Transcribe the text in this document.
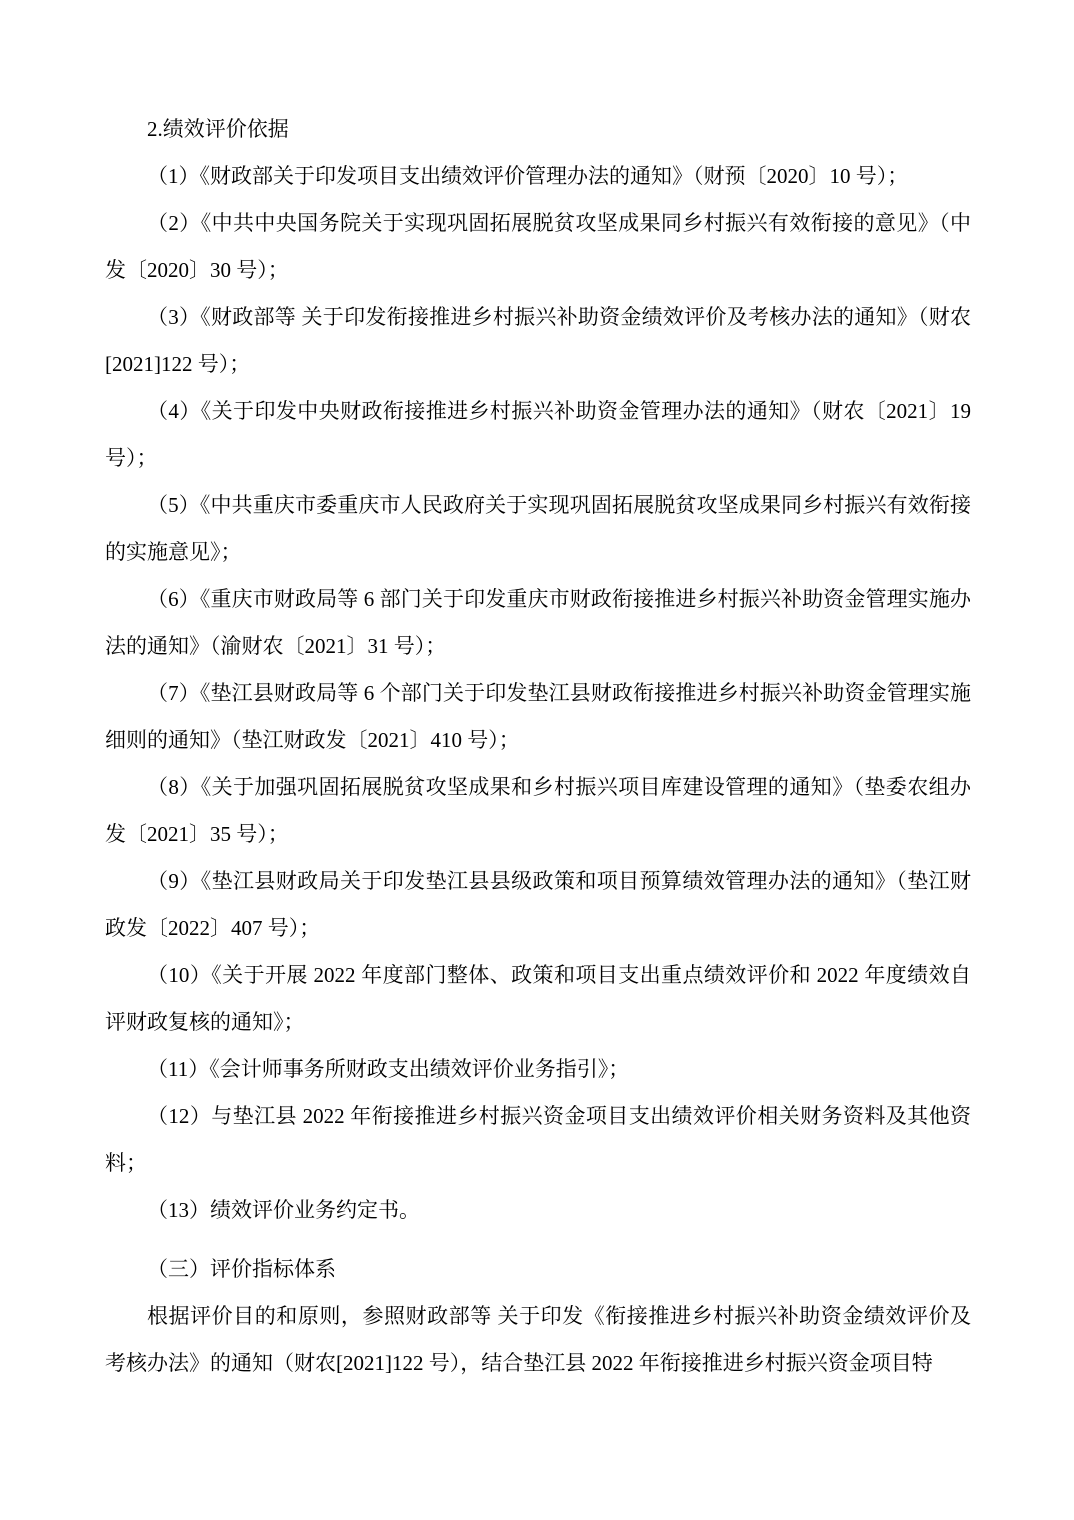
2.绩效评价依据

（1）《财政部关于印发项目支出绩效评价管理办法的通知》（财预〔2020〕10 号）；

（2）《中共中央国务院关于实现巩固拓展脱贫攻坚成果同乡村振兴有效衔接的意见》（中发〔2020〕30 号）；

（3）《财政部等 关于印发衔接推进乡村振兴补助资金绩效评价及考核办法的通知》（财农[2021]122 号）；

（4）《关于印发中央财政衔接推进乡村振兴补助资金管理办法的通知》（财农〔2021〕19 号）；

（5）《中共重庆市委重庆市人民政府关于实现巩固拓展脱贫攻坚成果同乡村振兴有效衔接的实施意见》；

（6）《重庆市财政局等 6 部门关于印发重庆市财政衔接推进乡村振兴补助资金管理实施办法的通知》（渝财农〔2021〕31 号）；

（7）《垫江县财政局等 6 个部门关于印发垫江县财政衔接推进乡村振兴补助资金管理实施细则的通知》（垫江财政发〔2021〕410 号）；

（8）《关于加强巩固拓展脱贫攻坚成果和乡村振兴项目库建设管理的通知》（垫委农组办发〔2021〕35 号）；

（9）《垫江县财政局关于印发垫江县县级政策和项目预算绩效管理办法的通知》（垫江财政发〔2022〕407 号）；

（10）《关于开展 2022 年度部门整体、政策和项目支出重点绩效评价和 2022 年度绩效自评财政复核的通知》；

（11）《会计师事务所财政支出绩效评价业务指引》；

（12）与垫江县 2022 年衔接推进乡村振兴资金项目支出绩效评价相关财务资料及其他资料；

（13）绩效评价业务约定书。

（三）评价指标体系

根据评价目的和原则，参照财政部等 关于印发《衔接推进乡村振兴补助资金绩效评价及考核办法》的通知（财农[2021]122 号），结合垫江县 2022 年衔接推进乡村振兴资金项目特
